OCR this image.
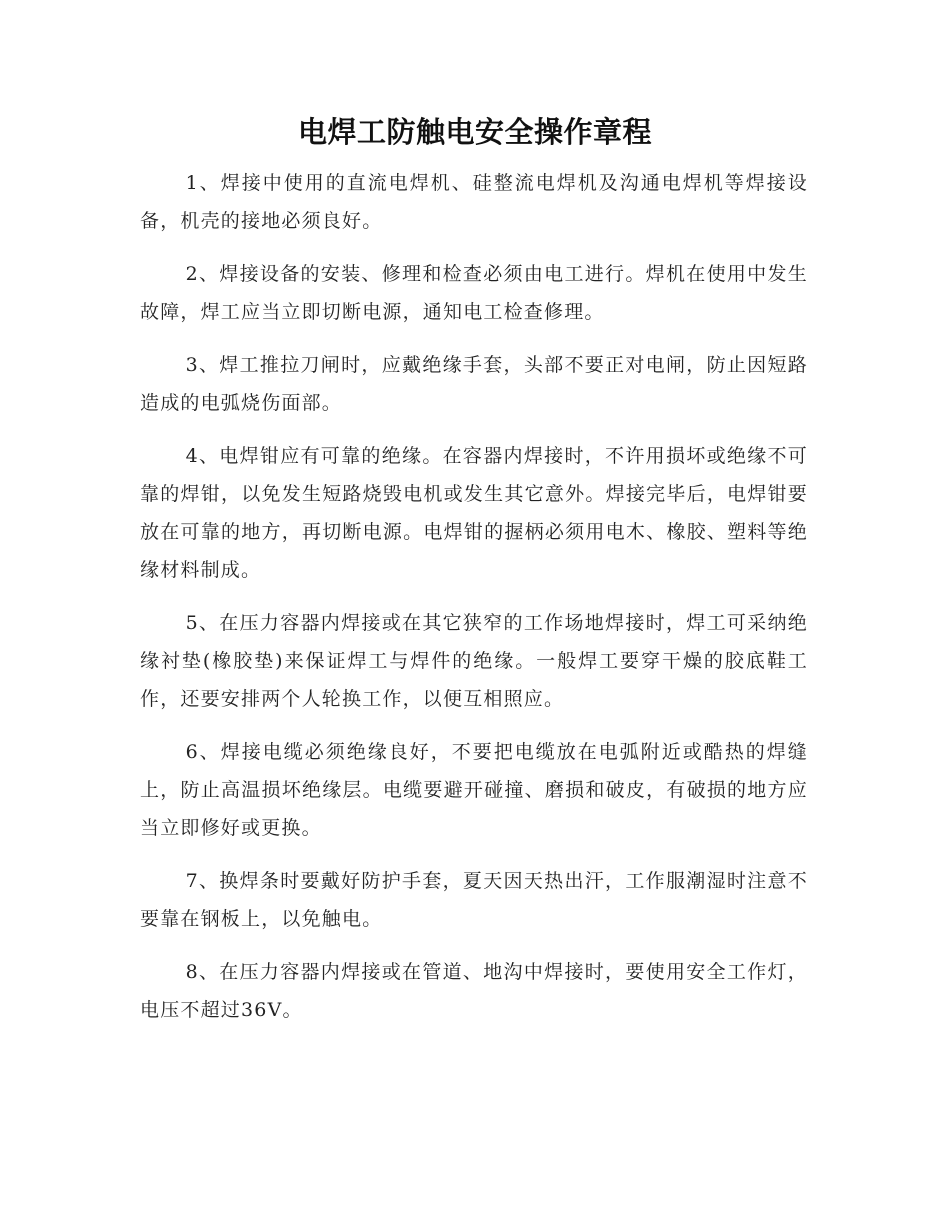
电焊工防触电安全操作章程

1、焊接中使用的直流电焊机、硅整流电焊机及沟通电焊机等焊接设备，机壳的接地必须良好。

2、焊接设备的安装、修理和检查必须由电工进行。焊机在使用中发生故障，焊工应当立即切断电源，通知电工检查修理。

3、焊工推拉刀闸时，应戴绝缘手套，头部不要正对电闸，防止因短路造成的电弧烧伤面部。

4、电焊钳应有可靠的绝缘。在容器内焊接时，不许用损坏或绝缘不可靠的焊钳，以免发生短路烧毁电机或发生其它意外。焊接完毕后，电焊钳要放在可靠的地方，再切断电源。电焊钳的握柄必须用电木、橡胶、塑料等绝缘材料制成。

5、在压力容器内焊接或在其它狭窄的工作场地焊接时，焊工可采纳绝缘衬垫(橡胶垫)来保证焊工与焊件的绝缘。一般焊工要穿干燥的胶底鞋工作，还要安排两个人轮换工作，以便互相照应。

6、焊接电缆必须绝缘良好，不要把电缆放在电弧附近或酷热的焊缝上，防止高温损坏绝缘层。电缆要避开碰撞、磨损和破皮，有破损的地方应当立即修好或更换。

7、换焊条时要戴好防护手套，夏天因天热出汗，工作服潮湿时注意不要靠在钢板上，以免触电。

8、在压力容器内焊接或在管道、地沟中焊接时，要使用安全工作灯，电压不超过36V。
